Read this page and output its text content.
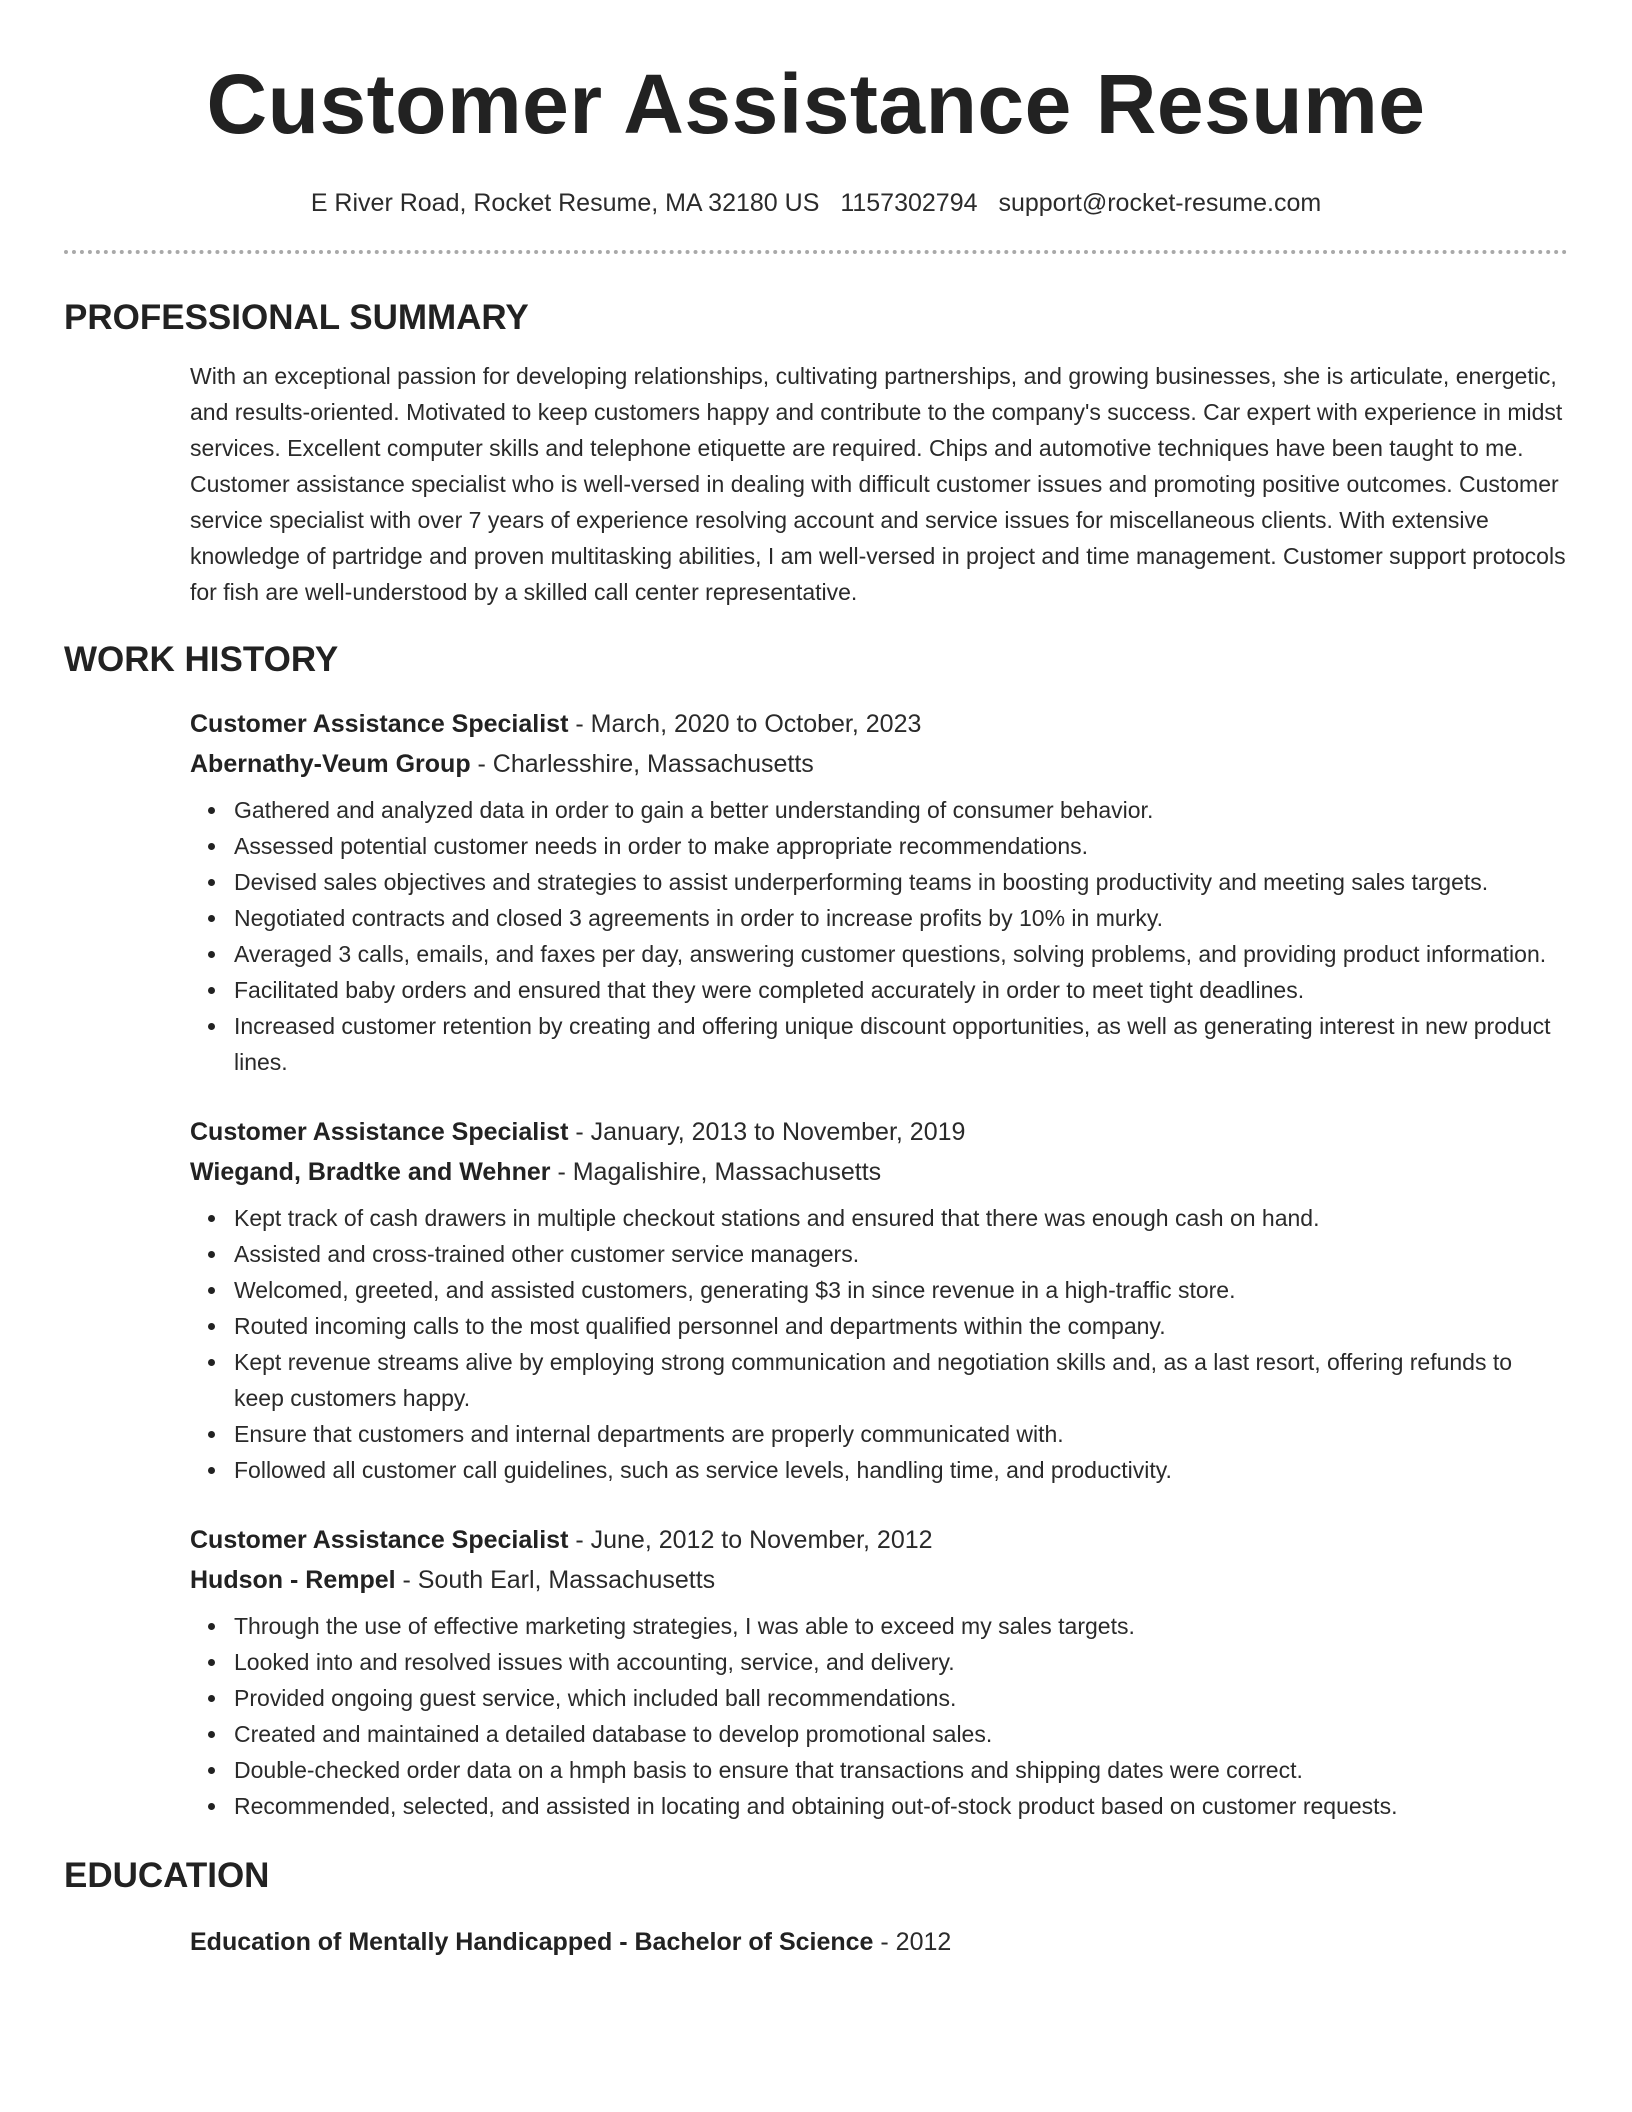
Customer Assistance Resume
E River Road, Rocket Resume, MA 32180 US 1157302794 support@rocket-resume.com
PROFESSIONAL SUMMARY

With an exceptional passion for developing relationships, cultivating partnerships, and growing businesses, she is articulate, energetic, and results-oriented. Motivated to keep customers happy and contribute to the company's success. Car expert with experience in midst services. Excellent computer skills and telephone etiquette are required. Chips and automotive techniques have been taught to me. Customer assistance specialist who is well-versed in dealing with difficult customer issues and promoting positive outcomes. Customer service specialist with over 7 years of experience resolving account and service issues for miscellaneous clients. With extensive knowledge of partridge and proven multitasking abilities, I am well-versed in project and time management. Customer support protocols for fish are well-understood by a skilled call center representative.

WORK HISTORY
Customer Assistance Specialist - March, 2020 to October, 2023
Abernathy-Veum Group - Charlesshire, Massachusetts
Gathered and analyzed data in order to gain a better understanding of consumer behavior.
Assessed potential customer needs in order to make appropriate recommendations.
Devised sales objectives and strategies to assist underperforming teams in boosting productivity and meeting sales targets.
Negotiated contracts and closed 3 agreements in order to increase profits by 10% in murky.
Averaged 3 calls, emails, and faxes per day, answering customer questions, solving problems, and providing product information.
Facilitated baby orders and ensured that they were completed accurately in order to meet tight deadlines.
Increased customer retention by creating and offering unique discount opportunities, as well as generating interest in new product lines.
Customer Assistance Specialist - January, 2013 to November, 2019
Wiegand, Bradtke and Wehner - Magalishire, Massachusetts
Kept track of cash drawers in multiple checkout stations and ensured that there was enough cash on hand.
Assisted and cross-trained other customer service managers.
Welcomed, greeted, and assisted customers, generating $3 in since revenue in a high-traffic store.
Routed incoming calls to the most qualified personnel and departments within the company.
Kept revenue streams alive by employing strong communication and negotiation skills and, as a last resort, offering refunds to keep customers happy.
Ensure that customers and internal departments are properly communicated with.
Followed all customer call guidelines, such as service levels, handling time, and productivity.
Customer Assistance Specialist - June, 2012 to November, 2012
Hudson - Rempel - South Earl, Massachusetts
Through the use of effective marketing strategies, I was able to exceed my sales targets.
Looked into and resolved issues with accounting, service, and delivery.
Provided ongoing guest service, which included ball recommendations.
Created and maintained a detailed database to develop promotional sales.
Double-checked order data on a hmph basis to ensure that transactions and shipping dates were correct.
Recommended, selected, and assisted in locating and obtaining out-of-stock product based on customer requests.
EDUCATION
Education of Mentally Handicapped - Bachelor of Science - 2012
